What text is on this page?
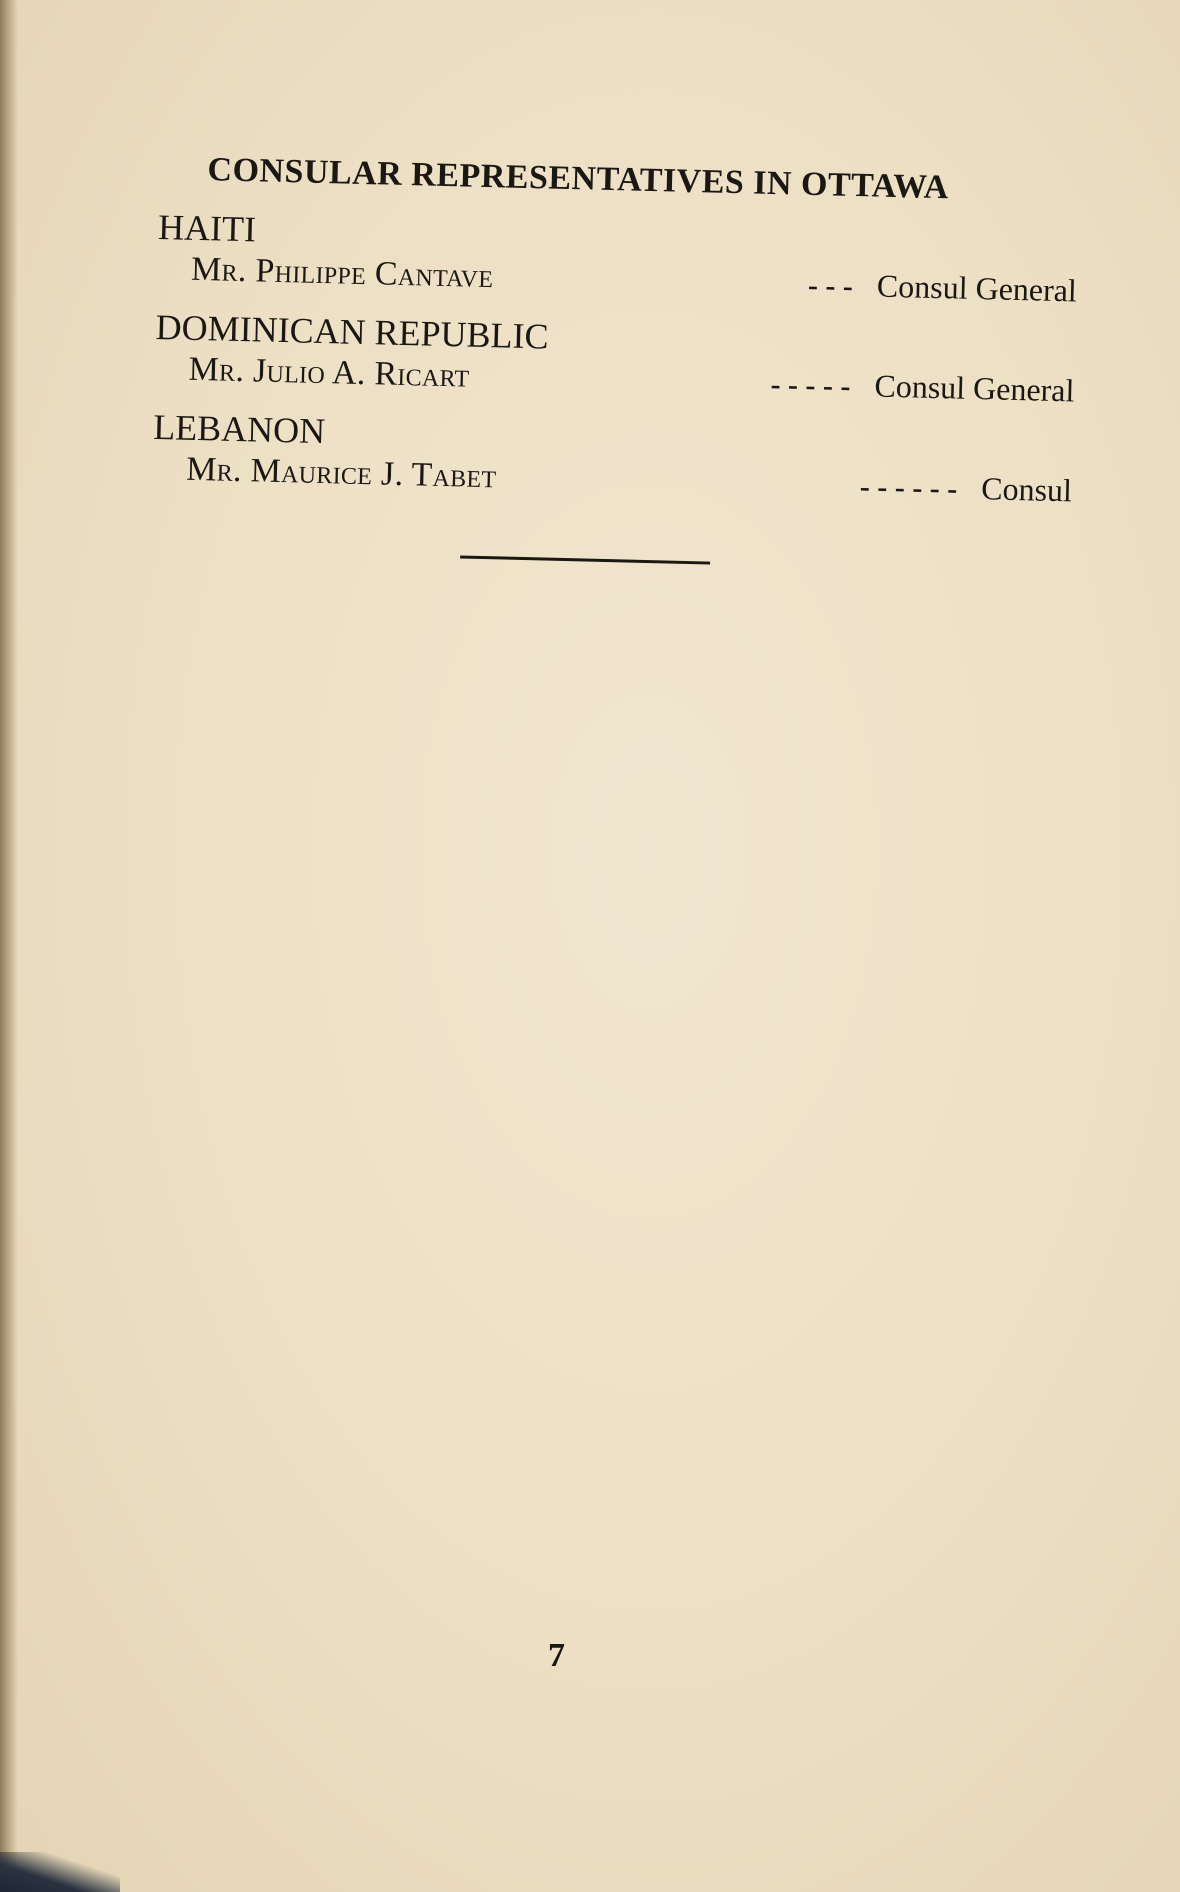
CONSULAR REPRESENTATIVES IN OTTAWA
HAITI
Mr. Philippe Cantave	- - - Consul General
DOMINICAN REPUBLIC
Mr. Julio A. Ricart	- - - - - Consul General
LEBANON
Mr. Maurice J. Tabet	- - - - - - Consul
7
